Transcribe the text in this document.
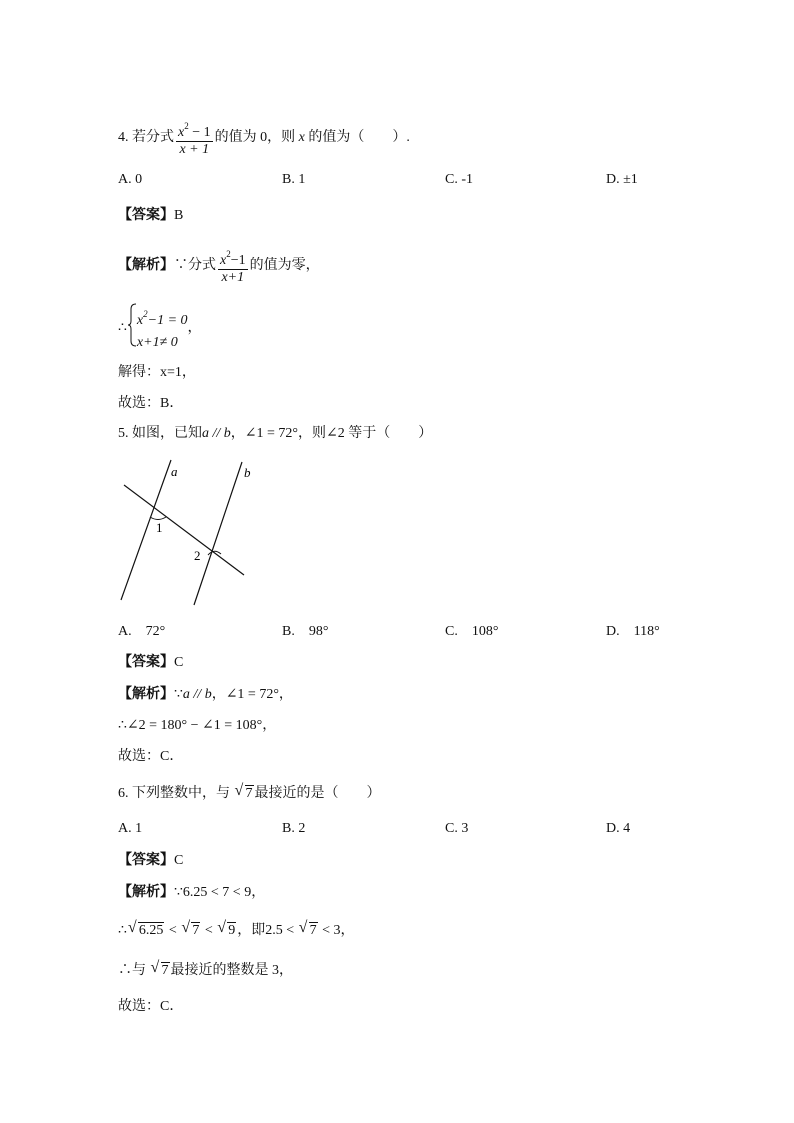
4. 若分式 $\frac{x^2 - 1}{x + 1}$ 的值为 0，则 x 的值为（　　）.
A. 0	B. 1	C. -1	D. ±1
【答案】B
【解析】∵分式 $\frac{x^2-1}{x+1}$ 的值为零，
∴ $x^2-1 = 0$
x+1≠ 0
，
解得：x=1，
故选：B．
5. 如图，已知a // b，∠1 = 72°，则∠2 等于（　　）
a	b
1
2
A.　72°	B.　98°	C.　108°	D.　118°
【答案】C
【解析】∵a // b，∠1 = 72°，
∴∠2 = 180° − ∠1 = 108°，
故选：C．
6. 下列整数中，与 √ 7 最接近的是（　　）
A. 1	B. 2	C. 3	D. 4
【答案】C
【解析】∵6.25 < 7 < 9，
∴ √ 6.25 < √ 7 < √ 9 ，即2.5 < √ 7 < 3，
∴与 √ 7 最接近的整数是 3，
故选：C．
